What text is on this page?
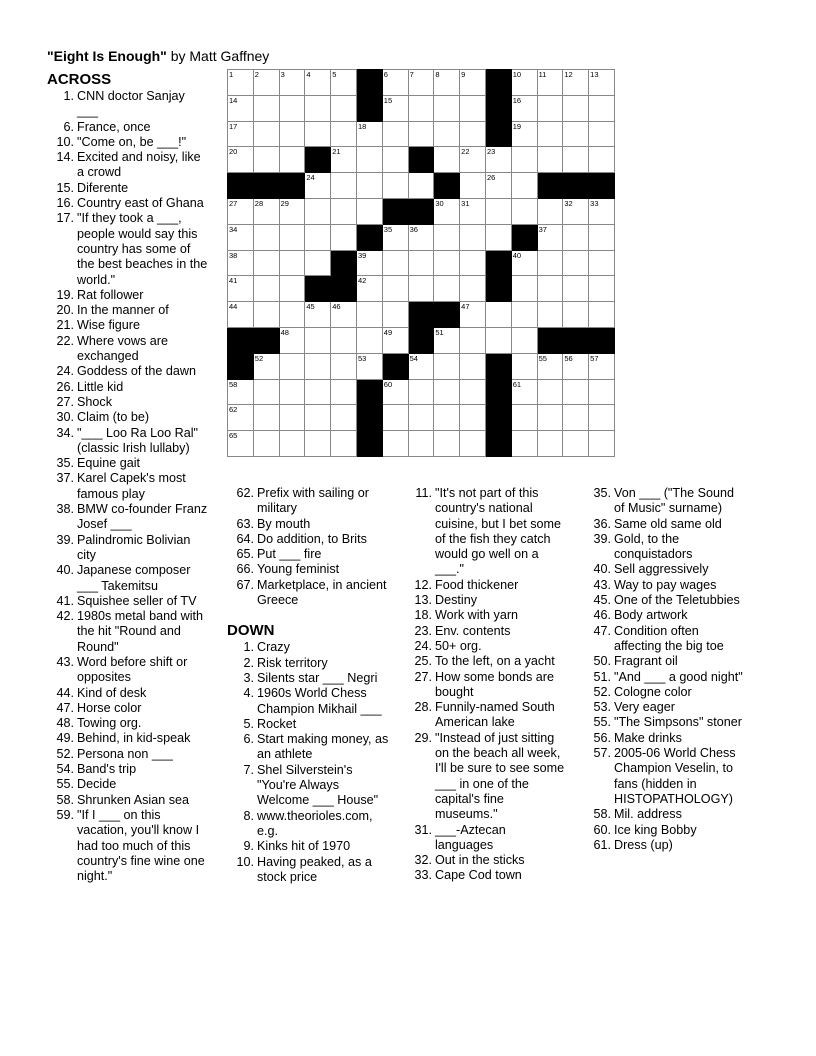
"Eight Is Enough" by Matt Gaffney
1	2	3	4	5		6	7	8	9		10	11	12	13

14						15					16			

17					18						19			

20				21					22	23				

			24							26				

27	28	29						30	31				32	33

34						35	36					37		

38					39						40			

41					42									

44			45	46					47					

		48				49		51						

	52				53		54					55	56	57

58						60					61			

62														

65														

ACROSS
1. CNN doctor Sanjay
___
6. France, once
10. "Come on, be ___!"
14. Excited and noisy, like
a crowd
15. Diferente
16. Country east of Ghana
17. "If they took a ___,
people would say this
country has some of
the best beaches in the
world."
19. Rat follower
20. In the manner of
21. Wise figure
22. Where vows are
exchanged
24. Goddess of the dawn
26. Little kid
27. Shock
30. Claim (to be)
34. "___ Loo Ra Loo Ral"
(classic Irish lullaby)
35. Equine gait
37. Karel Capek's most
famous play
38. BMW co-founder Franz
Josef ___
39. Palindromic Bolivian
city
40. Japanese composer
___ Takemitsu
41. Squishee seller of TV
42. 1980s metal band with
the hit "Round and
Round"
43. Word before shift or
opposites
44. Kind of desk
47. Horse color
48. Towing org.
49. Behind, in kid-speak
52. Persona non ___
54. Band's trip
55. Decide
58. Shrunken Asian sea
59. "If I ___ on this
vacation, you'll know I
had too much of this
country's fine wine one
night."
62. Prefix with sailing or
military
63. By mouth
64. Do addition, to Brits
65. Put ___ fire
66. Young feminist
67. Marketplace, in ancient
Greece
DOWN
1. Crazy
2. Risk territory
3. Silents star ___ Negri
4. 1960s World Chess
Champion Mikhail ___
5. Rocket
6. Start making money, as
an athlete
7. Shel Silverstein's
"You're Always
Welcome ___ House"
8. www.theorioles.com,
e.g.
9. Kinks hit of 1970
10. Having peaked, as a
stock price
11. "It's not part of this
country's national
cuisine, but I bet some
of the fish they catch
would go well on a
___."
12. Food thickener
13. Destiny
18. Work with yarn
23. Env. contents
24. 50+ org.
25. To the left, on a yacht
27. How some bonds are
bought
28. Funnily-named South
American lake
29. "Instead of just sitting
on the beach all week,
I'll be sure to see some
___ in one of the
capital's fine
museums."
31. ___-Aztecan
languages
32. Out in the sticks
33. Cape Cod town
35. Von ___ ("The Sound
of Music" surname)
36. Same old same old
39. Gold, to the
conquistadors
40. Sell aggressively
43. Way to pay wages
45. One of the Teletubbies
46. Body artwork
47. Condition often
affecting the big toe
50. Fragrant oil
51. "And ___ a good night"
52. Cologne color
53. Very eager
55. "The Simpsons" stoner
56. Make drinks
57. 2005-06 World Chess
Champion Veselin, to
fans (hidden in
HISTOPATHOLOGY)
58. Mil. address
60. Ice king Bobby
61. Dress (up)
